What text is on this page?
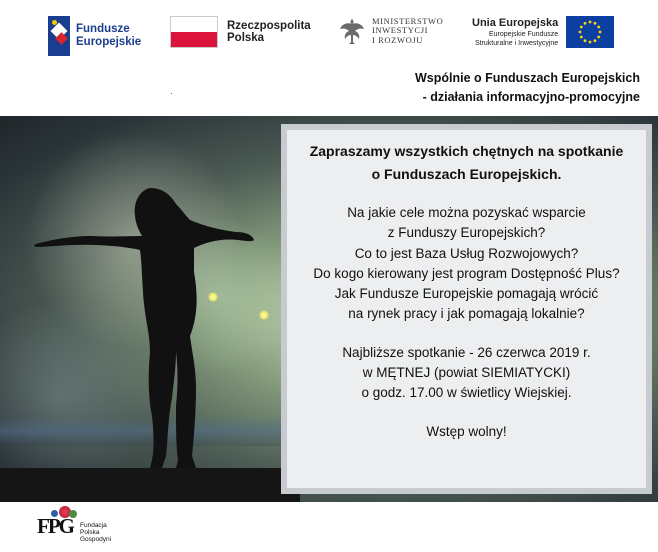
Fundusze
Europejskie
Rzeczpospolita
Polska
MINISTERSTWO
INWESTYCJI
I ROZWOJU
Unia Europejska
Europejskie Fundusze
Strukturalne i Inwestycyjne
.
Wspólnie o Funduszach Europejskich
- działania informacyjno-promocyjne
Zapraszamy wszystkich chętnych na spotkanie
o Funduszach Europejskich.
Na jakie cele można pozyskać wsparcie
z Funduszy Europejskich?
Co to jest Baza Usług Rozwojowych?
Do kogo kierowany jest program Dostępność Plus?
Jak Fundusze Europejskie pomagają wrócić
na rynek pracy i jak pomagają lokalnie?
Najbliższe spotkanie - 26 czerwca 2019 r.
w MĘTNEJ (powiat SIEMIATYCKI)
o godz. 17.00 w świetlicy Wiejskiej.
Wstęp wolny!
FPG Fundacja
Polska
Gospodyni
